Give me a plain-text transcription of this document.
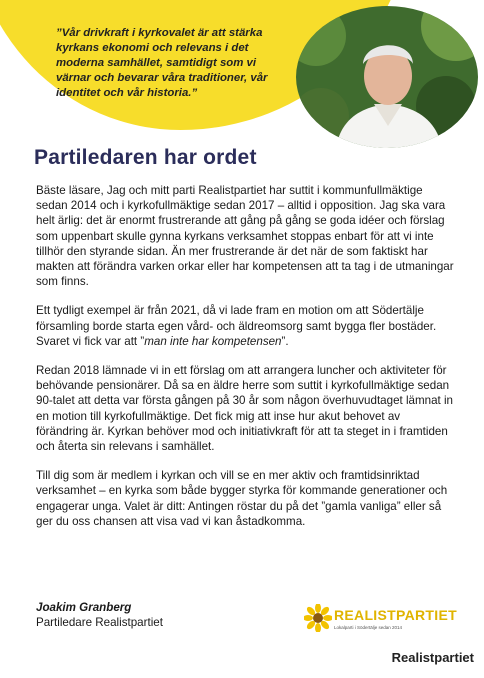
”Vår drivkraft i kyrkovalet är att stärka kyrkans ekonomi och relevans i det moderna samhället, samtidigt som vi värnar och bevarar våra traditioner, vår identitet och vår historia.”
Partiledaren har ordet

Bäste läsare, Jag och mitt parti Realistpartiet har suttit i kommunfullmäktige sedan 2014 och i kyrkofullmäktige sedan 2017 – alltid i opposition. Jag ska vara helt ärlig: det är enormt frustrerande att gång på gång se goda idéer och förslag som uppenbart skulle gynna kyrkans verksamhet stoppas enbart för att vi inte tillhör den styrande sidan. Än mer frustrerande är det när de som faktiskt har makten att förändra varken orkar eller har kompetensen att ta tag i de utmaningar som finns.

Ett tydligt exempel är från 2021, då vi lade fram en motion om att Södertälje församling borde starta egen vård- och äldreomsorg samt bygga fler bostäder. Svaret vi fick var att ”man inte har kompetensen”.

Redan 2018 lämnade vi in ett förslag om att arrangera luncher och aktiviteter för behövande pensionärer. Då sa en äldre herre som suttit i kyrkofullmäktige sedan 90-talet att detta var första gången på 30 år som någon överhuvudtaget lämnat in en motion till kyrkofullmäktige. Det fick mig att inse hur akut behovet av förändring är. Kyrkan behöver mod och initiativkraft för att ta steget in i framtiden och återta sin relevans i samhället.

Till dig som är medlem i kyrkan och vill se en mer aktiv och framtidsinriktad verksamhet – en kyrka som både bygger styrka för kommande generationer och engagerar unga. Valet är ditt: Antingen röstar du på det ”gamla vanliga” eller så ger du oss chansen att visa vad vi kan åstadkomma.

Joakim Granberg
Partiledare Realistpartiet	REALISTPARTIET
Lokalparti i Södertälje sedan 2014
Realistpartiet
